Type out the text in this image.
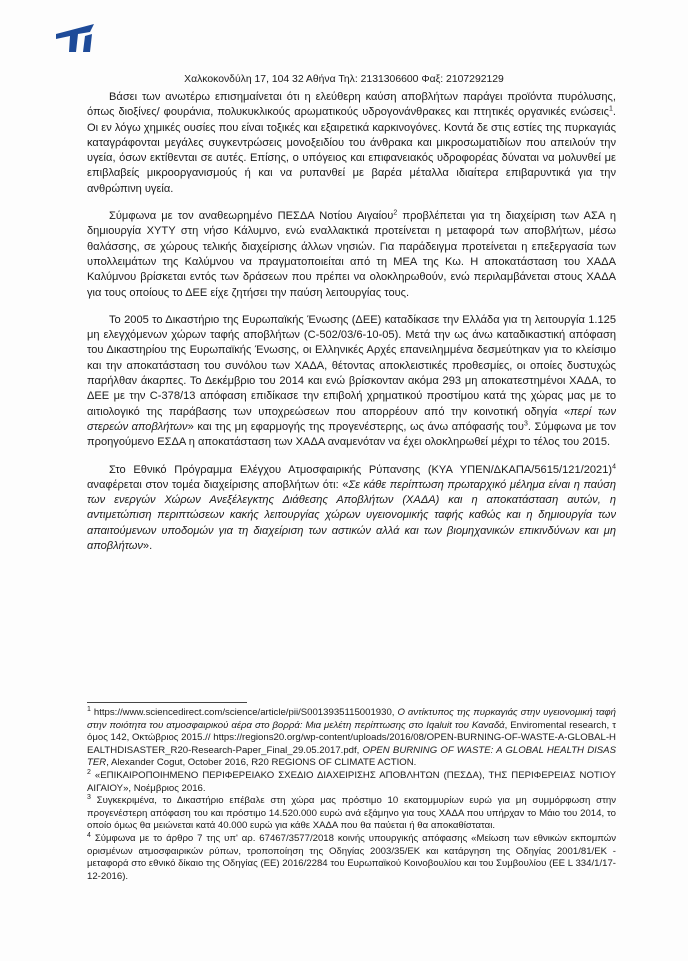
Χαλκοκονδύλη 17, 104 32 Αθήνα Τηλ: 2131306600 Φαξ: 2107292129

Βάσει των ανωτέρω επισημαίνεται ότι η ελεύθερη καύση αποβλήτων παράγει προϊόντα πυρόλυσης, όπως διοξίνες/ φουράνια, πολυκυκλικούς αρωματικούς υδρογονάνθρακες και πτητικές οργανικές ενώσεις$^1$. Οι εν λόγω χημικές ουσίες που είναι τοξικές και εξαιρετικά καρκινογόνες. Κοντά δε στις εστίες της πυρκαγιάς καταγράφονται μεγάλες συγκεντρώσεις μονοξειδίου του άνθρακα και μικροσωματιδίων που απειλούν την υγεία, όσων εκτίθενται σε αυτές. Επίσης, ο υπόγειος και επιφανειακός υδροφορέας δύναται να μολυνθεί με επιβλαβείς μικροοργανισμούς ή και να ρυπανθεί με βαρέα μέταλλα ιδιαίτερα επιβαρυντικά για την ανθρώπινη υγεία.

Σύμφωνα με τον αναθεωρημένο ΠΕΣΔΑ Νοτίου Αιγαίου$^2$ προβλέπεται για τη διαχείριση των ΑΣΑ η δημιουργία ΧΥΤΥ στη νήσο Κάλυμνο, ενώ εναλλακτικά προτείνεται η μεταφορά των αποβλήτων, μέσω θαλάσσης, σε χώρους τελικής διαχείρισης άλλων νησιών. Για παράδειγμα προτείνεται η επεξεργασία των υπολλειμάτων της Καλύμνου να πραγματοποιείται από τη ΜΕΑ της Κω. Η αποκατάσταση του ΧΑΔΑ Καλύμνου βρίσκεται εντός των δράσεων που πρέπει να ολοκληρωθούν, ενώ περιλαμβάνεται στους ΧΑΔΑ για τους οποίους το ΔΕΕ είχε ζητήσει την παύση λειτουργίας τους.

Το 2005 το Δικαστήριο της Ευρωπαϊκής Ένωσης (ΔΕΕ) καταδίκασε την Ελλάδα για τη λειτουργία 1.125 μη ελεγχόμενων χώρων ταφής αποβλήτων (C-502/03/6-10-05). Μετά την ως άνω καταδικαστική απόφαση του Δικαστηρίου της Ευρωπαϊκής Ένωσης, οι Ελληνικές Αρχές επανειλημμένα δεσμεύτηκαν για το κλείσιμο και την αποκατάσταση του συνόλου των ΧΑΔΑ, θέτοντας αποκλειστικές προθεσμίες, οι οποίες δυστυχώς παρήλθαν άκαρπες. Το Δεκέμβριο του 2014 και ενώ βρίσκονταν ακόμα 293 μη αποκατεστημένοι ΧΑΔΑ, το ΔΕΕ με την C-378/13 απόφαση επιδίκασε την επιβολή χρηματικού προστίμου κατά της χώρας μας με το αιτιολογικό της παράβασης των υποχρεώσεων που απορρέουν από την κοινοτική οδηγία «περί των στερεών αποβλήτων» και της μη εφαρμογής της προγενέστερης, ως άνω απόφασής του$^3$. Σύμφωνα με τον προηγούμενο ΕΣΔΑ η αποκατάσταση των ΧΑΔΑ αναμενόταν να έχει ολοκληρωθεί μέχρι το τέλος του 2015.

Στο Εθνικό Πρόγραμμα Ελέγχου Ατμοσφαιρικής Ρύπανσης (ΚΥΑ ΥΠΕΝ/ΔΚΑΠΑ/5615/121/2021)$^4$ αναφέρεται στον τομέα διαχείρισης αποβλήτων ότι: «Σε κάθε περίπτωση πρωταρχικό μέλημα είναι η παύση των ενεργών Χώρων Ανεξέλεγκτης Διάθεσης Αποβλήτων (ΧΑΔΑ) και η αποκατάσταση αυτών, η αντιμετώπιση περιπτώσεων κακής λειτουργίας χώρων υγειονομικής ταφής καθώς και η δημιουργία των απαιτούμενων υποδομών για τη διαχείριση των αστικών αλλά και των βιομηχανικών επικινδύνων και μη αποβλήτων».

$^1$ https://www.sciencedirect.com/science/article/pii/S0013935115001930, Ο αντίκτυπος της πυρκαγιάς στην υγειονομική ταφή στην ποιότητα του ατμοσφαιρικού αέρα στο βορρά: Μια μελέτη περίπτωσης στο Iqaluit του Καναδά, Enviromental research, τόμος 142, Οκτώβριος 2015.// https://regions20.org/wp-content/uploads/2016/08/OPEN-BURNING-OF-WASTE-A-GLOBAL-HEALTHDISASTER_R20-Research-Paper_Final_29.05.2017.pdf, OPEN BURNING OF WASTE: A GLOBAL HEALTH DISASTER, Alexander Cogut, October 2016, R20 REGIONS OF CLIMATE ACTION.

$^2$ «ΕΠΙΚΑΙΡΟΠΟΙΗΜΕΝΟ ΠΕΡΙΦΕΡΕΙΑΚΟ ΣΧΕΔΙΟ ΔΙΑΧΕΙΡΙΣΗΣ ΑΠΟΒΛΗΤΩΝ (ΠΕΣΔΑ), ΤΗΣ ΠΕΡΙΦΕΡΕΙΑΣ ΝΟΤΙΟΥ ΑΙΓΑΙΟΥ», Νοέμβριος 2016.

$^3$ Συγκεκριμένα, το Δικαστήριο επέβαλε στη χώρα μας πρόστιμο 10 εκατομμυρίων ευρώ για μη συμμόρφωση στην προγενέστερη απόφαση του και πρόστιμο 14.520.000 ευρώ ανά εξάμηνο για τους ΧΑΔΑ που υπήρχαν το Μάιο του 2014, το οποίο όμως θα μειώνεται κατά 40.000 ευρώ για κάθε ΧΑΔΑ που θα παύεται ή θα αποκαθίσταται.

$^4$ Σύμφωνα με το άρθρο 7 της υπ' αρ. 67467/3577/2018 κοινής υπουργικής απόφασης «Μείωση των εθνικών εκπομπών ορισμένων ατμοσφαιρικών ρύπων, τροποποίηση της Οδηγίας 2003/35/ΕΚ και κατάργηση της Οδηγίας 2001/81/ΕΚ - μεταφορά στο εθνικό δίκαιο της Οδηγίας (ΕΕ) 2016/2284 του Ευρωπαϊκού Κοινοβουλίου και του Συμβουλίου (ΕΕ L 334/1/17-12-2016).
